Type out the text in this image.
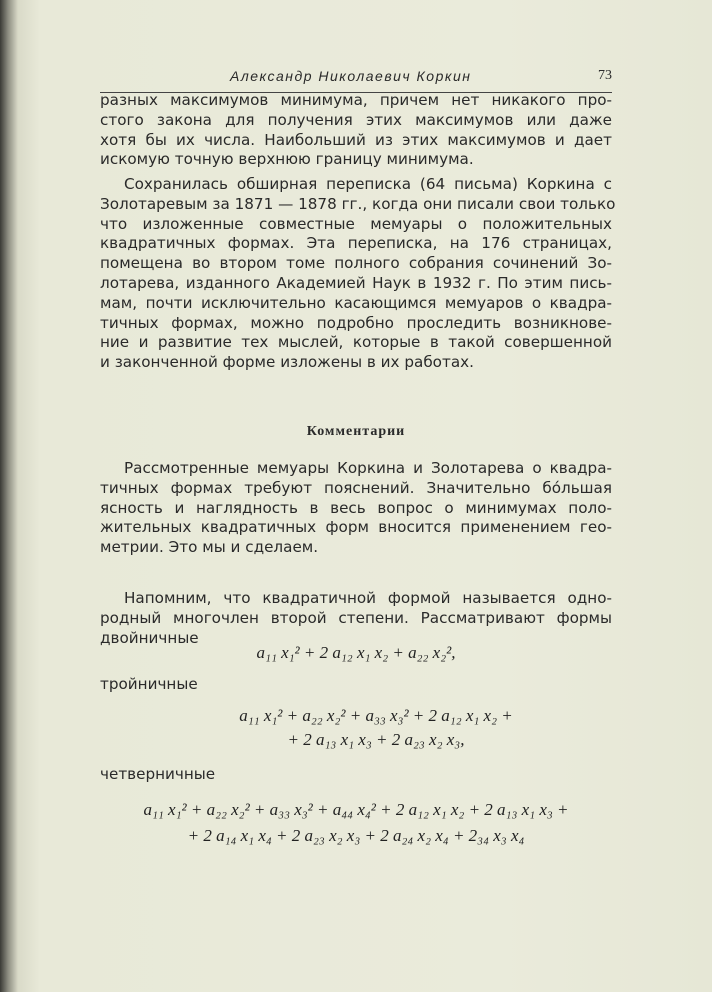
Александр Николаевич Коркин	73
разных максимумов минимума, причем нет никакого про-
стого закона для получения этих максимумов или даже
хотя бы их числа. Наибольший из этих максимумов и дает
искомую точную верхнюю границу минимума.
Сохранилась обширная переписка (64 письма) Коркина с
Золотаревым за 1871 — 1878 гг., когда они писали свои только
что изложенные совместные мемуары о положительных
квадратичных формах. Эта переписка, на 176 страницах,
помещена во втором томе полного собрания сочинений Зо-
лотарева, изданного Академией Наук в 1932 г. По этим пись-
мам, почти исключительно касающимся мемуаров о квадра-
тичных формах, можно подробно проследить возникнове-
ние и развитие тех мыслей, которые в такой совершенной
и законченной форме изложены в их работах.
Комментарии
Рассмотренные мемуары Коркина и Золотарева о квадра-
тичных формах требуют пояснений. Значительно бóльшая
ясность и наглядность в весь вопрос о минимумах поло-
жительных квадратичных форм вносится применением гео-
метрии. Это мы и сделаем.
Напомним, что квадратичной формой называется одно-
родный многочлен второй степени. Рассматривают формы
двойничные
a₁₁ x₁² + 2 a₁₂ x₁ x₂ + a₂₂ x₂²,
тройничные
a₁₁ x₁² + a₂₂ x₂² + a₃₃ x₃² + 2 a₁₂ x₁ x₂ +
+ 2 a₁₃ x₁ x₃ + 2 a₂₃ x₂ x₃,
четверничные
a₁₁ x₁² + a₂₂ x₂² + a₃₃ x₃² + a₄₄ x₄² + 2 a₁₂ x₁ x₂ + 2 a₁₃ x₁ x₃ +
+ 2 a₁₄ x₁ x₄ + 2 a₂₃ x₂ x₃ + 2 a₂₄ x₂ x₄ + 2₃₄ x₃ x₄
